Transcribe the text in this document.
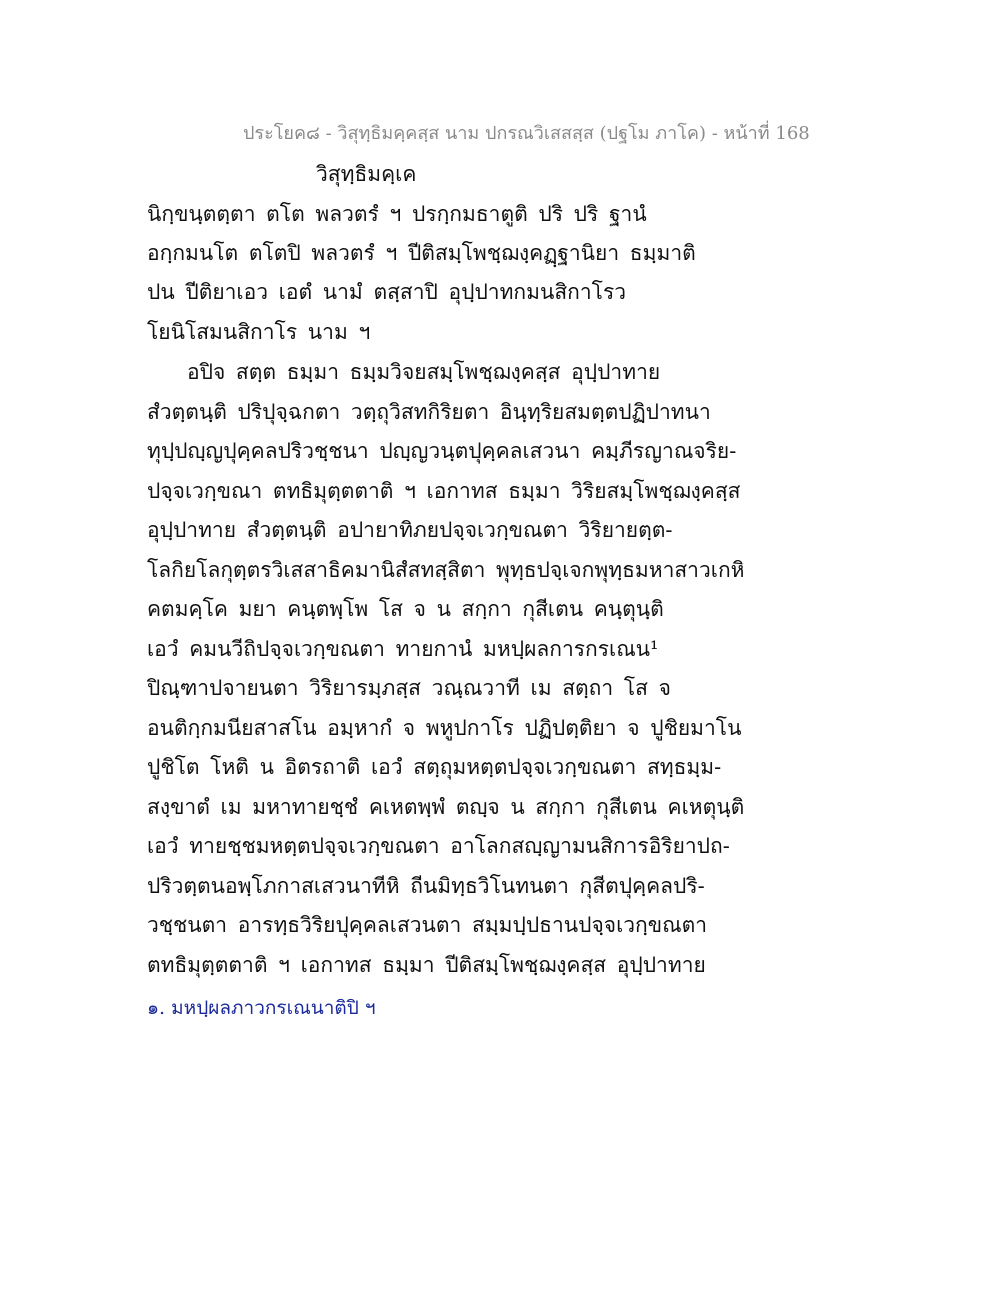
ประโยค๘ - วิสุทฺธิมคฺคสฺส นาม ปกรณวิเสสสฺส (ปฐโม ภาโค) - หน้าที่ 168
วิสุทฺธิมคฺเค
นิกฺขนฺตตฺตา ตโต พลวตรํ ฯ ปรกฺกมธาตูติ ปริ ปริ ฐานํ
อกฺกมนโต ตโตปิ พลวตรํ ฯ ปีติสมฺโพชฺฌงฺคฏฺฐานิยา ธมฺมาติ
ปน ปีติยาเอว เอตํ นามํ ตสฺสาปิ อุปฺปาทกมนสิกาโรว
โยนิโสมนสิกาโร นาม ฯ
อปิจ สตฺต ธมฺมา ธมฺมวิจยสมฺโพชฺฌงฺคสฺส อุปฺปาทาย
สํวตฺตนฺติ ปริปุจฺฉกตา วตฺถุวิสทกิริยตา อินฺทฺริยสมตฺตปฏิปาทนา
ทุปฺปญฺญปุคฺคลปริวชฺชนา ปญฺญวนฺตปุคฺคลเสวนา คมฺภีรญาณจริย-
ปจฺจเวกฺขณา ตทธิมุตฺตตาติ ฯ เอกาทส ธมฺมา วิริยสมฺโพชฺฌงฺคสฺส
อุปฺปาทาย สํวตฺตนฺติ อปายาทิภยปจฺจเวกฺขณตา วิริยายตฺต-
โลกิยโลกุตฺตรวิเสสาธิคมานิสํสทสฺสิตา พุทฺธปจฺเจกพุทฺธมหาสาวเกหิ
คตมคฺโค มยา คนฺตพฺโพ โส จ น สกฺกา กุสีเตน คนฺตุนฺติ
เอวํ คมนวีถิปจฺจเวกฺขณตา ทายกานํ มหปฺผลการกรเณน¹
ปิณฺฑาปจายนตา วิริยารมฺภสฺส วณฺณวาที เม สตฺถา โส จ
อนติกฺกมนียสาสโน อมฺหากํ จ พหูปกาโร ปฏิปตฺติยา จ ปูชิยมาโน
ปูชิโต โหติ น อิตรถาติ เอวํ สตฺถุมหตฺตปจฺจเวกฺขณตา สทฺธมฺม-
สงฺขาตํ เม มหาทายชฺชํ คเหตพฺพํ ตญฺจ น สกฺกา กุสีเตน คเหตุนฺติ
เอวํ ทายชฺชมหตฺตปจฺจเวกฺขณตา อาโลกสญฺญามนสิการอิริยาปถ-
ปริวตฺตนอพฺโภกาสเสวนาทีหิ ถีนมิทฺธวิโนทนตา กุสีตปุคฺคลปริ-
วชฺชนตา อารทฺธวิริยปุคฺคลเสวนตา สมฺมปฺปธานปจฺจเวกฺขณตา
ตทธิมุตฺตตาติ ฯ เอกาทส ธมฺมา ปีติสมฺโพชฺฌงฺคสฺส อุปฺปาทาย
๑. มหปฺผลภาวกรเณนาติปิ ฯ
